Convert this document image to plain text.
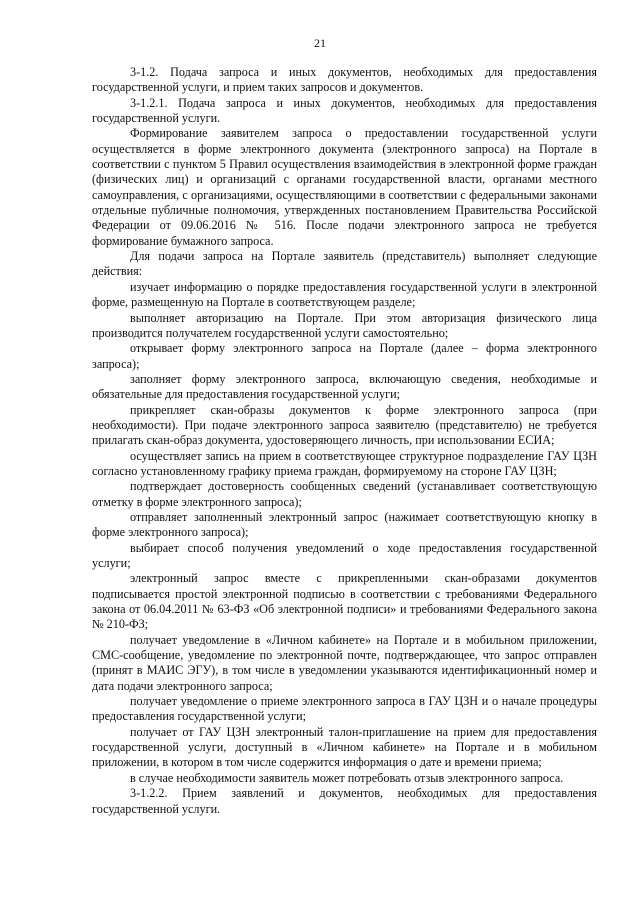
21

3-1.2. Подача запроса и иных документов, необходимых для предоставления государственной услуги, и прием таких запросов и документов.

3-1.2.1. Подача запроса и иных документов, необходимых для предоставления государственной услуги.

Формирование заявителем запроса о предоставлении государственной услуги осуществляется в форме электронного документа (электронного запроса) на Портале в соответствии с пунктом 5 Правил осуществления взаимодействия в электронной форме граждан (физических лиц) и организаций с органами государственной власти, органами местного самоуправления, с организациями, осуществляющими в соответствии с федеральными законами отдельные публичные полномочия, утвержденных постановлением Правительства Российской Федерации от 09.06.2016 № 516. После подачи электронного запроса не требуется формирование бумажного запроса.

Для подачи запроса на Портале заявитель (представитель) выполняет следующие действия:

изучает информацию о порядке предоставления государственной услуги в электронной форме, размещенную на Портале в соответствующем разделе;

выполняет авторизацию на Портале. При этом авторизация физического лица производится получателем государственной услуги самостоятельно;

открывает форму электронного запроса на Портале (далее – форма электронного запроса);

заполняет форму электронного запроса, включающую сведения, необходимые и обязательные для предоставления государственной услуги;

прикрепляет скан-образы документов к форме электронного запроса (при необходимости). При подаче электронного запроса заявителю (представителю) не требуется прилагать скан-образ документа, удостоверяющего личность, при использовании ЕСИА;

осуществляет запись на прием в соответствующее структурное подразделение ГАУ ЦЗН согласно установленному графику приема граждан, формируемому на стороне ГАУ ЦЗН;

подтверждает достоверность сообщенных сведений (устанавливает соответствующую отметку в форме электронного запроса);

отправляет заполненный электронный запрос (нажимает соответствующую кнопку в форме электронного запроса);

выбирает способ получения уведомлений о ходе предоставления государственной услуги;

электронный запрос вместе с прикрепленными скан-образами документов подписывается простой электронной подписью в соответствии с требованиями Федерального закона от 06.04.2011 № 63-ФЗ «Об электронной подписи» и требованиями Федерального закона № 210-ФЗ;

получает уведомление в «Личном кабинете» на Портале и в мобильном приложении, СМС-сообщение, уведомление по электронной почте, подтверждающее, что запрос отправлен (принят в МАИС ЭГУ), в том числе в уведомлении указываются идентификационный номер и дата подачи электронного запроса;

получает уведомление о приеме электронного запроса в ГАУ ЦЗН и о начале процедуры предоставления государственной услуги;

получает от ГАУ ЦЗН электронный талон-приглашение на прием для предоставления государственной услуги, доступный в «Личном кабинете» на Портале и в мобильном приложении, в котором в том числе содержится информация о дате и времени приема;

в случае необходимости заявитель может потребовать отзыв электронного запроса.

3-1.2.2. Прием заявлений и документов, необходимых для предоставления государственной услуги.
